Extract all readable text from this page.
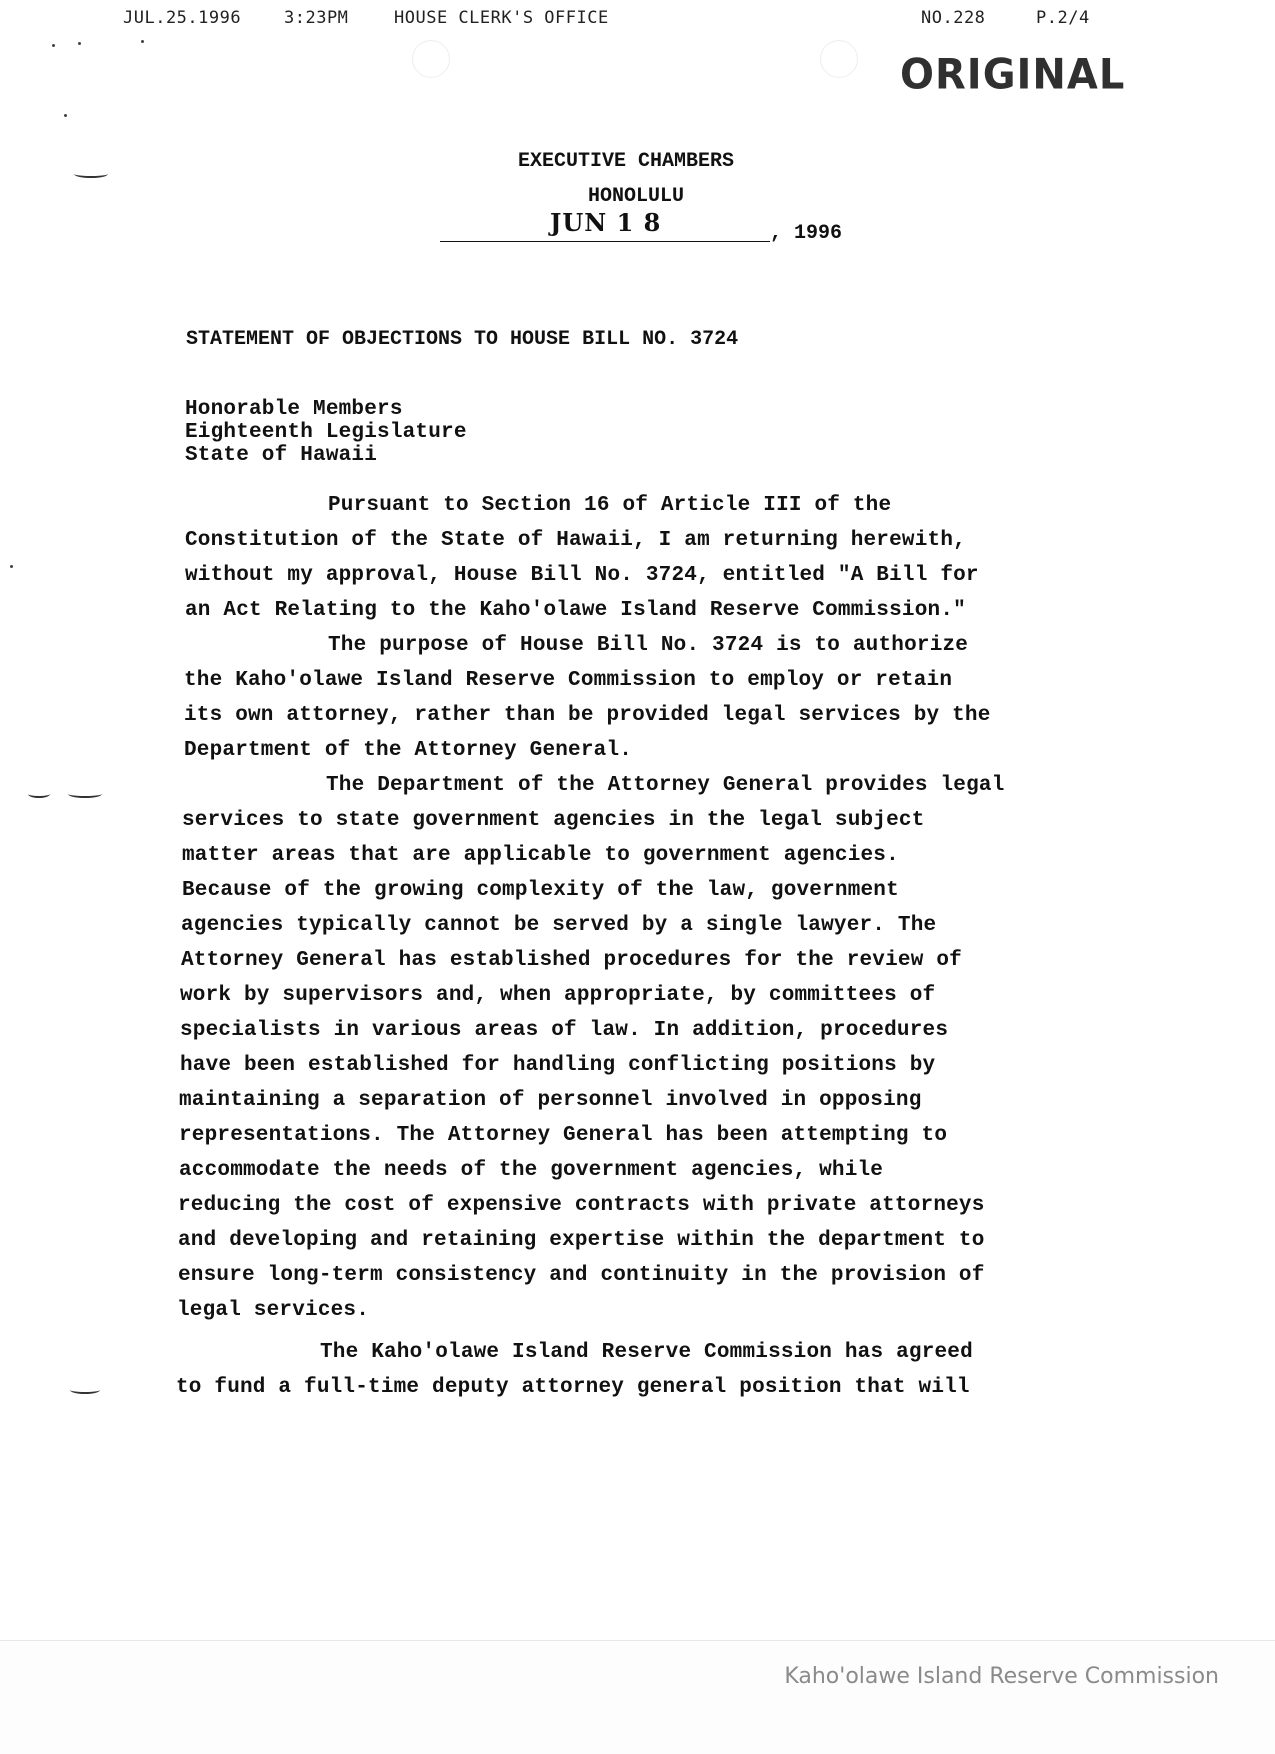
JUL.25.1996	3:23PM	HOUSE CLERK'S OFFICE	NO.228	P.2/4
ORIGINAL
EXECUTIVE CHAMBERS
HONOLULU
JUN 1 8	, 1996
STATEMENT OF OBJECTIONS TO HOUSE BILL NO. 3724
Honorable Members
Eighteenth Legislature
State of Hawaii
Pursuant to Section 16 of Article III of the
Constitution of the State of Hawaii, I am returning herewith,
without my approval, House Bill No. 3724, entitled "A Bill for
an Act Relating to the Kaho'olawe Island Reserve Commission."
The purpose of House Bill No. 3724 is to authorize
the Kaho'olawe Island Reserve Commission to employ or retain
its own attorney, rather than be provided legal services by the
Department of the Attorney General.
The Department of the Attorney General provides legal
services to state government agencies in the legal subject
matter areas that are applicable to government agencies.
Because of the growing complexity of the law, government
agencies typically cannot be served by a single lawyer. The
Attorney General has established procedures for the review of
work by supervisors and, when appropriate, by committees of
specialists in various areas of law. In addition, procedures
have been established for handling conflicting positions by
maintaining a separation of personnel involved in opposing
representations. The Attorney General has been attempting to
accommodate the needs of the government agencies, while
reducing the cost of expensive contracts with private attorneys
and developing and retaining expertise within the department to
ensure long-term consistency and continuity in the provision of
legal services.
The Kaho'olawe Island Reserve Commission has agreed
to fund a full-time deputy attorney general position that will
Kaho'olawe Island Reserve Commission
